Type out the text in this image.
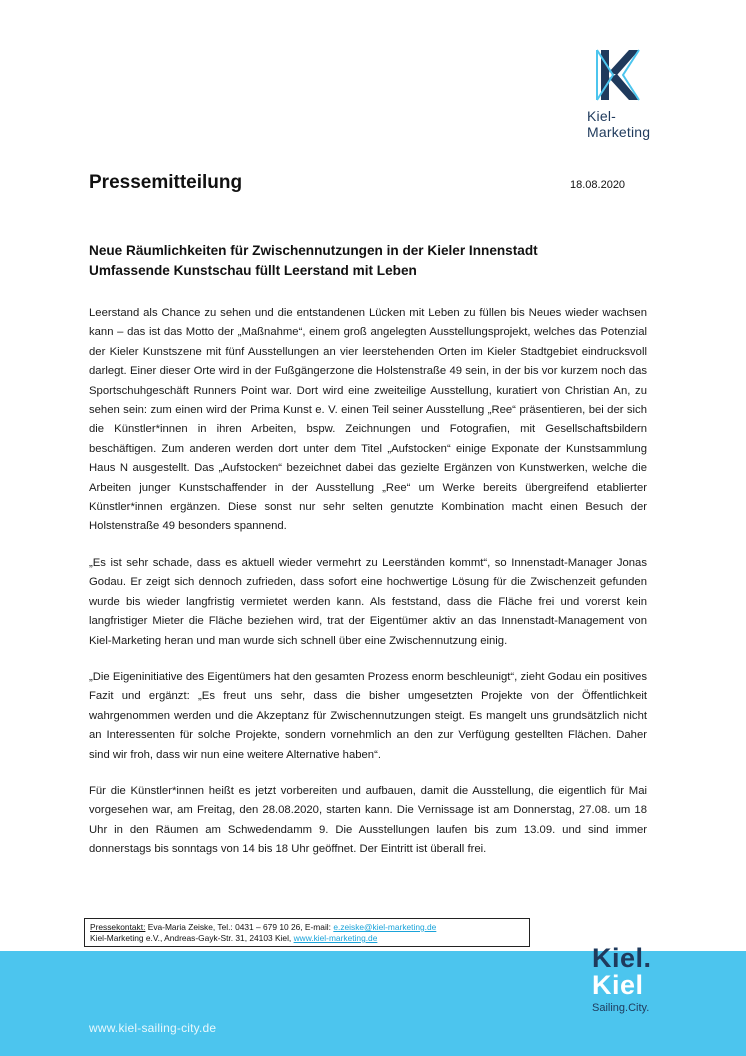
Kiel-Marketing
Pressemitteilung	18.08.2020
Neue Räumlichkeiten für Zwischennutzungen in der Kieler Innenstadt
Umfassende Kunstschau füllt Leerstand mit Leben

Leerstand als Chance zu sehen und die entstandenen Lücken mit Leben zu füllen bis Neues wieder wachsen kann – das ist das Motto der „Maßnahme“, einem groß angelegten Ausstellungsprojekt, welches das Potenzial der Kieler Kunstszene mit fünf Ausstellungen an vier leerstehenden Orten im Kieler Stadtgebiet eindrucksvoll darlegt. Einer dieser Orte wird in der Fußgängerzone die Holstenstraße 49 sein, in der bis vor kurzem noch das Sportschuhgeschäft Runners Point war. Dort wird eine zweiteilige Ausstellung, kuratiert von Christian An, zu sehen sein: zum einen wird der Prima Kunst e. V. einen Teil seiner Ausstellung „Ree“ präsentieren, bei der sich die Künstler*innen in ihren Arbeiten, bspw. Zeichnungen und Fotografien, mit Gesellschaftsbildern beschäftigen. Zum anderen werden dort unter dem Titel „Aufstocken“ einige Exponate der Kunstsammlung Haus N ausgestellt. Das „Aufstocken“ bezeichnet dabei das gezielte Ergänzen von Kunstwerken, welche die Arbeiten junger Kunstschaffender in der Ausstellung „Ree“ um Werke bereits übergreifend etablierter Künstler*innen ergänzen. Diese sonst nur sehr selten genutzte Kombination macht einen Besuch der Holstenstraße 49 besonders spannend.

„Es ist sehr schade, dass es aktuell wieder vermehrt zu Leerständen kommt“, so Innenstadt-Manager Jonas Godau. Er zeigt sich dennoch zufrieden, dass sofort eine hochwertige Lösung für die Zwischenzeit gefunden wurde bis wieder langfristig vermietet werden kann. Als feststand, dass die Fläche frei und vorerst kein langfristiger Mieter die Fläche beziehen wird, trat der Eigentümer aktiv an das Innenstadt-Management von Kiel-Marketing heran und man wurde sich schnell über eine Zwischennutzung einig.

„Die Eigeninitiative des Eigentümers hat den gesamten Prozess enorm beschleunigt“, zieht Godau ein positives Fazit und ergänzt: „Es freut uns sehr, dass die bisher umgesetzten Projekte von der Öffentlichkeit wahrgenommen werden und die Akzeptanz für Zwischennutzungen steigt. Es mangelt uns grundsätzlich nicht an Interessenten für solche Projekte, sondern vornehmlich an den zur Verfügung gestellten Flächen. Daher sind wir froh, dass wir nun eine weitere Alternative haben“.

Für die Künstler*innen heißt es jetzt vorbereiten und aufbauen, damit die Ausstellung, die eigentlich für Mai vorgesehen war, am Freitag, den 28.08.2020, starten kann. Die Vernissage ist am Donnerstag, 27.08. um 18 Uhr in den Räumen am Schwedendamm 9. Die Ausstellungen laufen bis zum 13.09. und sind immer donnerstags bis sonntags von 14 bis 18 Uhr geöffnet. Der Eintritt ist überall frei.

Pressekontakt: Eva-Maria Zeiske, Tel.: 0431 – 679 10 26, E-mail: e.zeiske@kiel-marketing.de
Kiel-Marketing e.V., Andreas-Gayk-Str. 31, 24103 Kiel, www.kiel-marketing.de
www.kiel-sailing-city.de
Kiel.
Kiel
Sailing.City.
